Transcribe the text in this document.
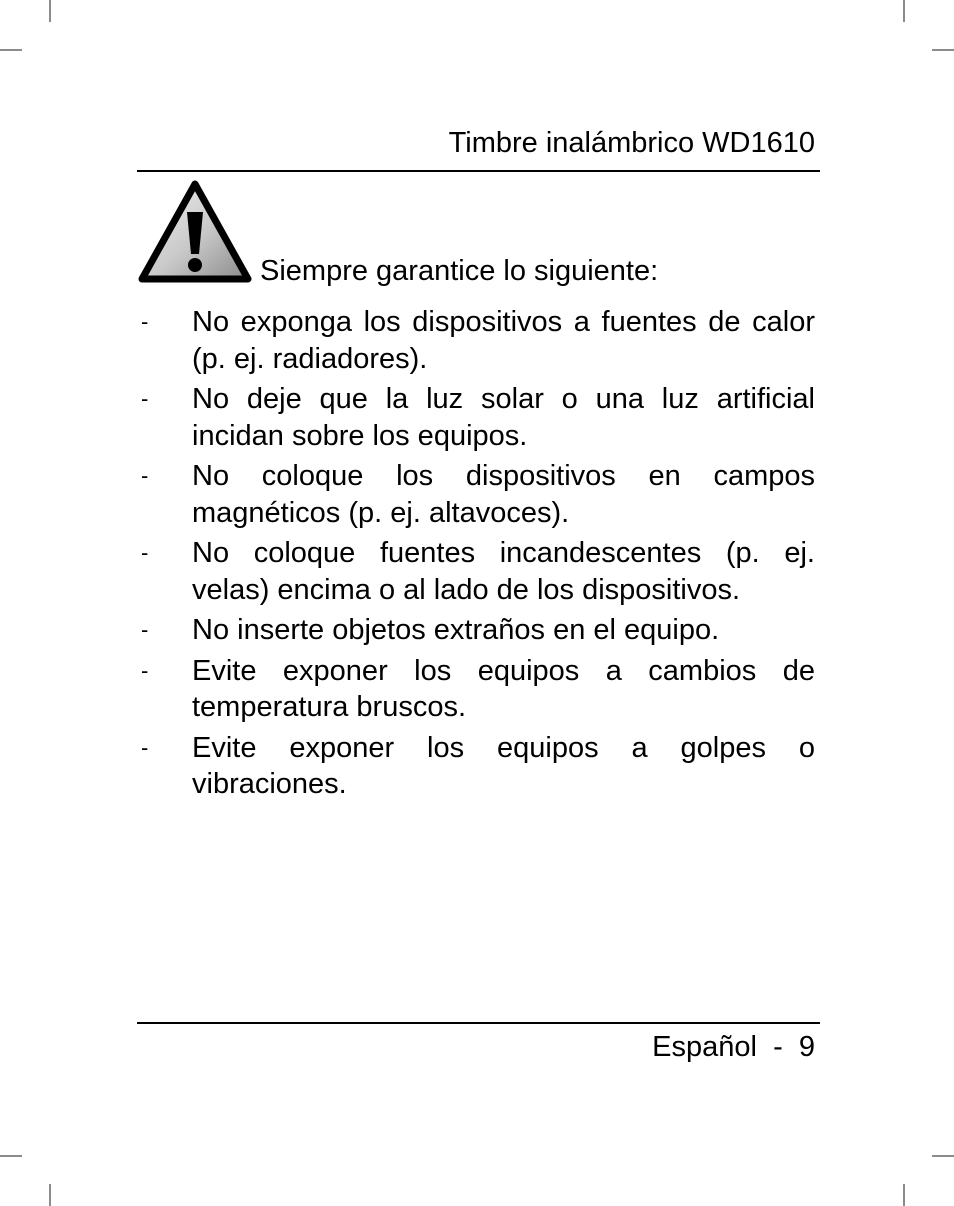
Timbre inalámbrico WD1610
Siempre garantice lo siguiente:
- No exponga los dispositivos a fuentes de calor (p. ej. radiadores).
- No deje que la luz solar o una luz artificial incidan sobre los equipos.
- No coloque los dispositivos en campos magnéticos (p. ej. altavoces).
- No coloque fuentes incandescentes (p. ej. velas) encima o al lado de los dispositivos.
- No inserte objetos extraños en el equipo.
- Evite exponer los equipos a cambios de temperatura bruscos.
- Evite exponer los equipos a golpes o vibraciones.
Español  -  9
